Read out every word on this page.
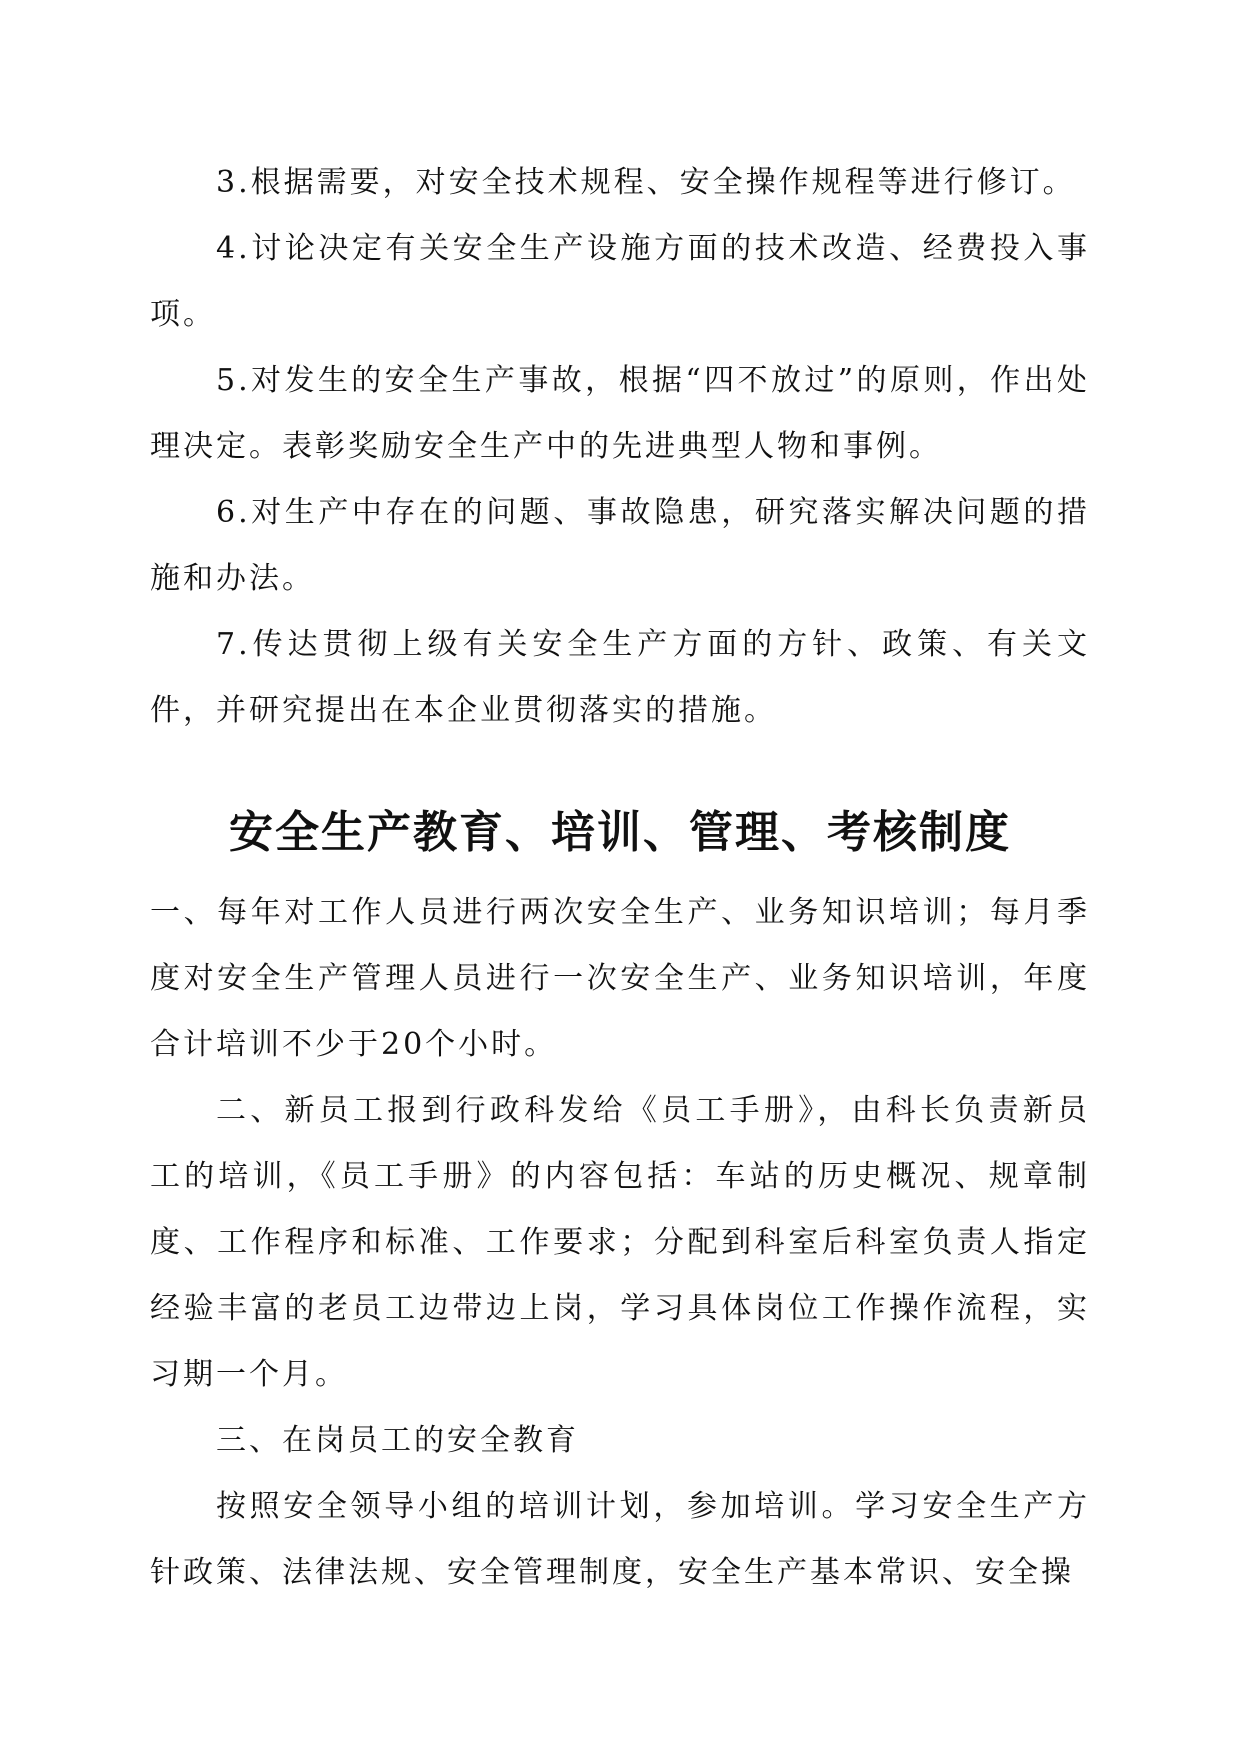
3.根据需要，对安全技术规程、安全操作规程等进行修订。

4.讨论决定有关安全生产设施方面的技术改造、经费投入事项。

5.对发生的安全生产事故，根据“四不放过”的原则，作出处理决定。表彰奖励安全生产中的先进典型人物和事例。

6.对生产中存在的问题、事故隐患，研究落实解决问题的措施和办法。

7.传达贯彻上级有关安全生产方面的方针、政策、有关文件，并研究提出在本企业贯彻落实的措施。

安全生产教育、培训、管理、考核制度

一、每年对工作人员进行两次安全生产、业务知识培训；每月季度对安全生产管理人员进行一次安全生产、业务知识培训，年度合计培训不少于20个小时。

二、新员工报到行政科发给《员工手册》，由科长负责新员工的培训，《员工手册》的内容包括：车站的历史概况、规章制度、工作程序和标准、工作要求；分配到科室后科室负责人指定经验丰富的老员工边带边上岗，学习具体岗位工作操作流程，实习期一个月。

三、在岗员工的安全教育

按照安全领导小组的培训计划，参加培训。学习安全生产方针政策、法律法规、安全管理制度，安全生产基本常识、安全操
